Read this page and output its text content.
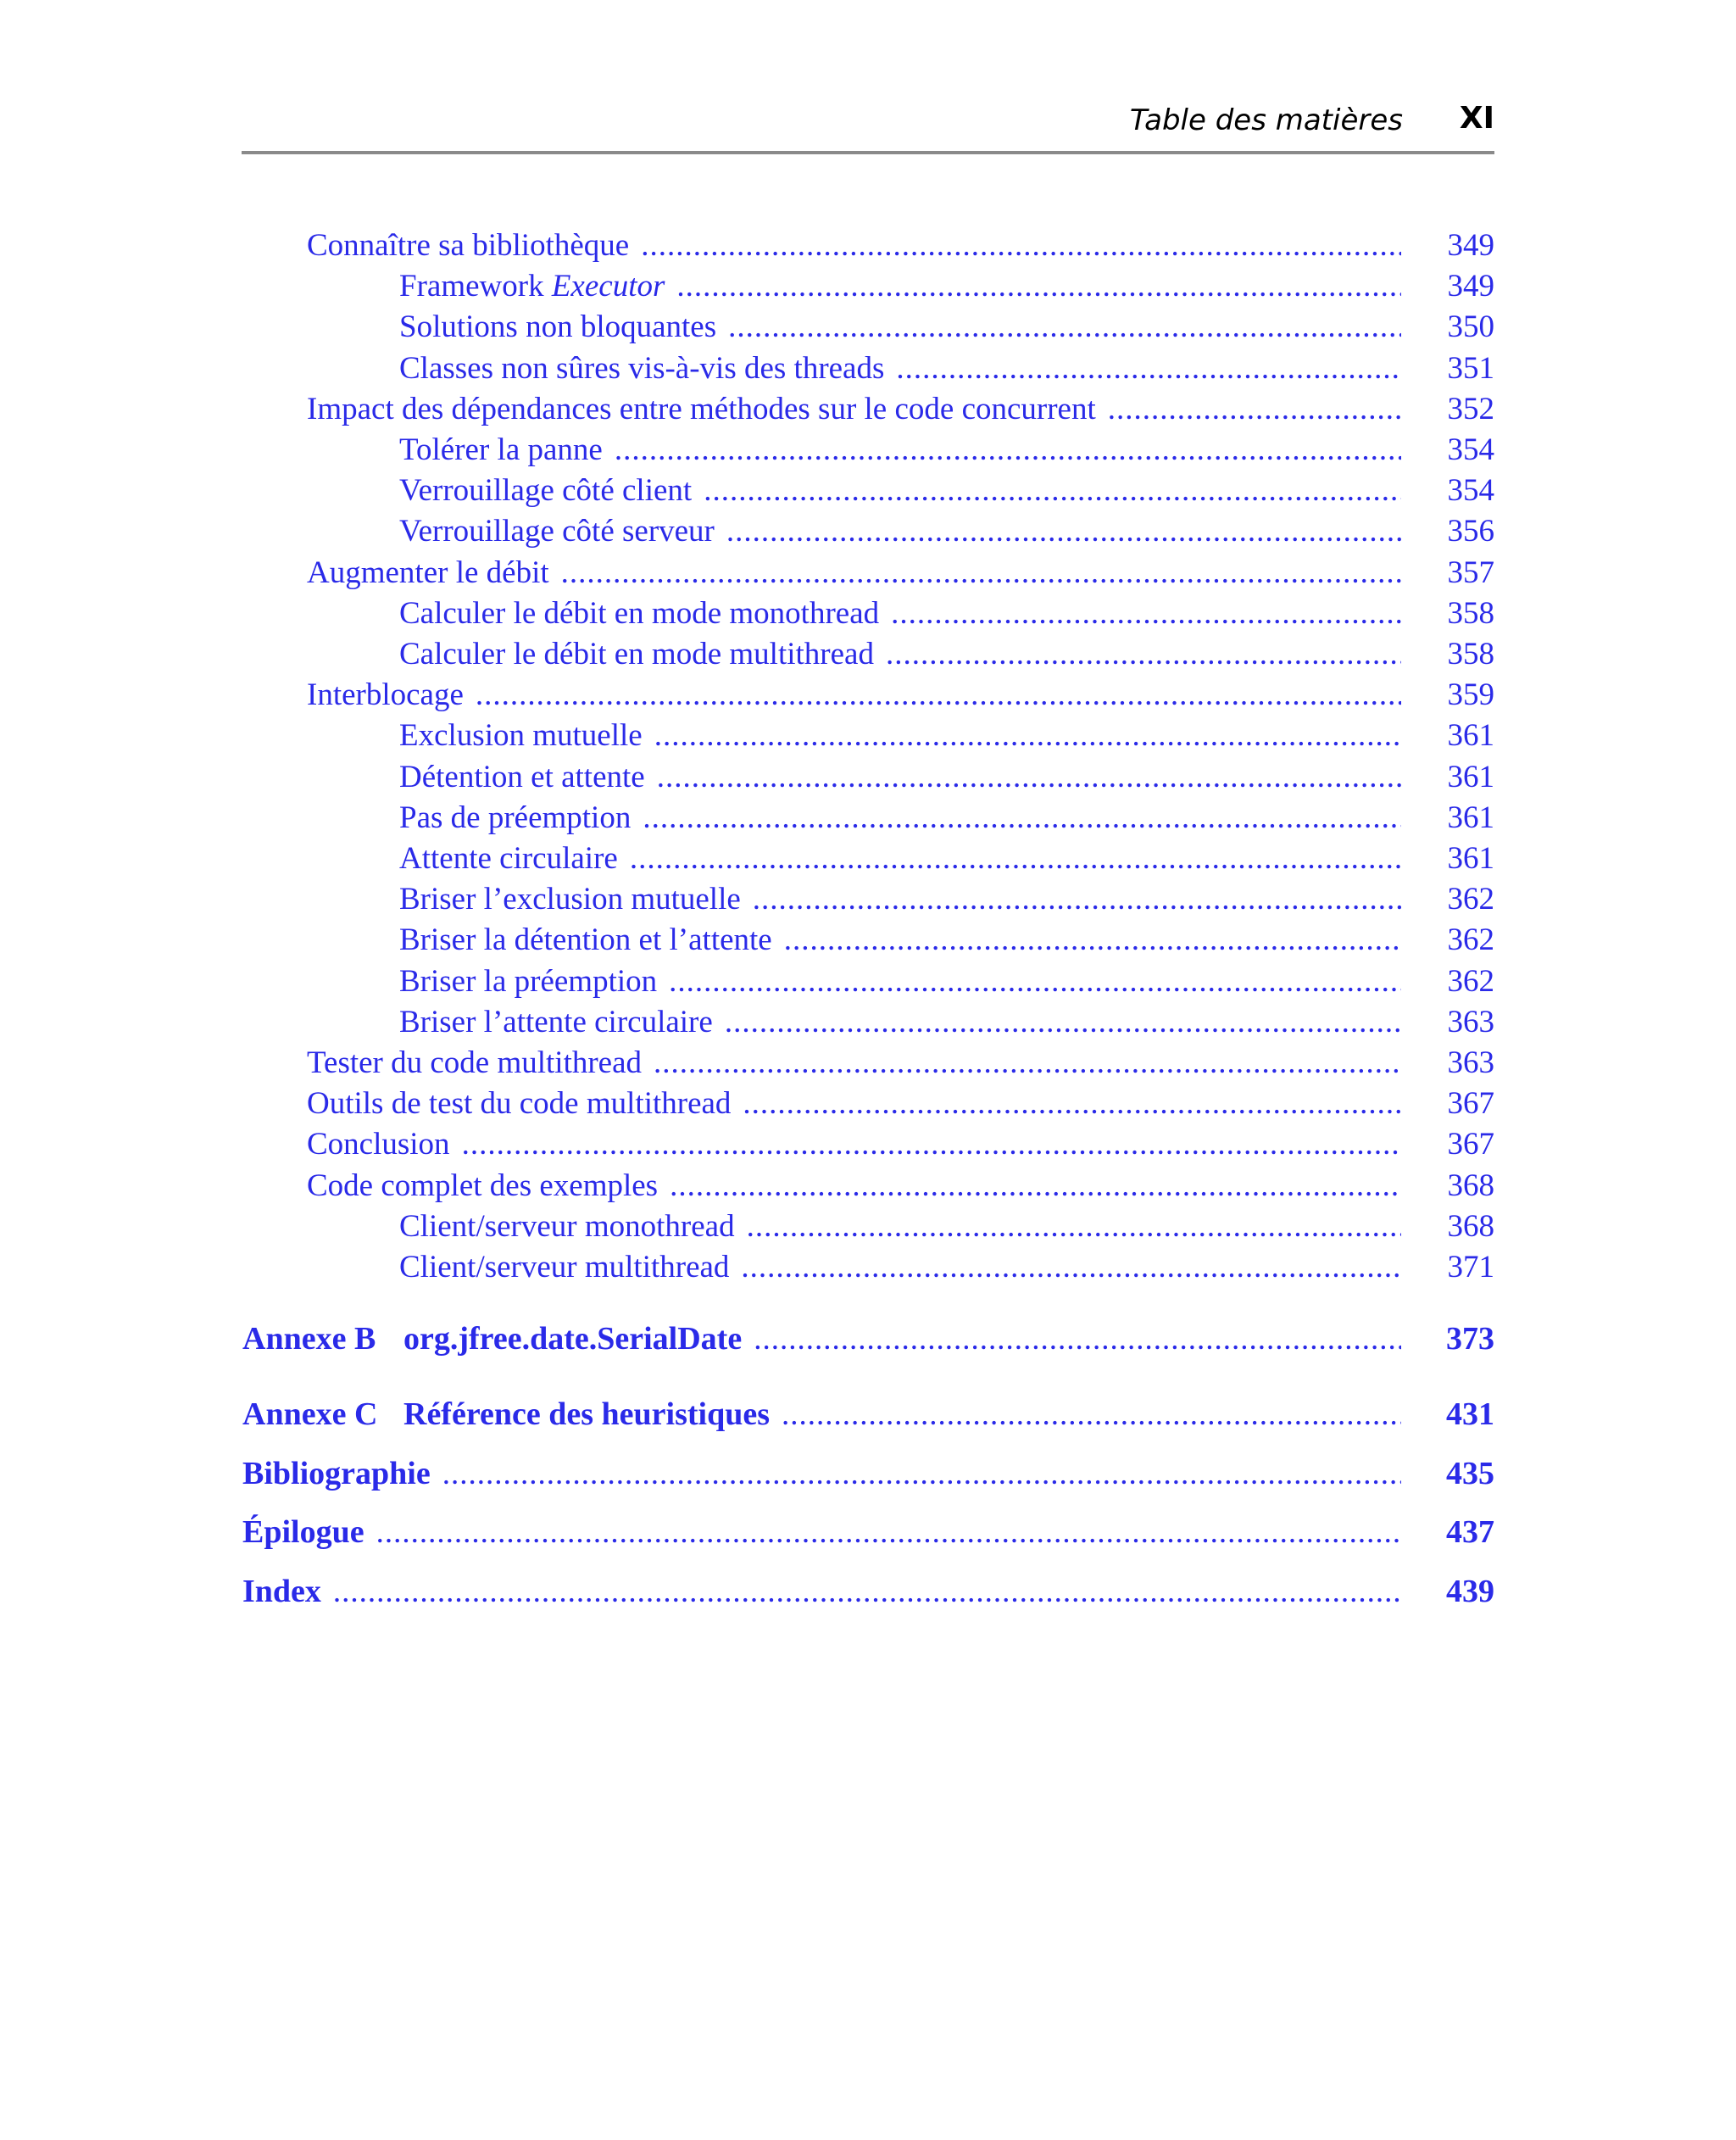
Table des matières XI
Connaître sa bibliothèque .....	349
Framework Executor .....	349
Solutions non bloquantes .....	350
Classes non sûres vis-à-vis des threads .....	351
Impact des dépendances entre méthodes sur le code concurrent .....	352
Tolérer la panne .....	354
Verrouillage côté client .....	354
Verrouillage côté serveur .....	356
Augmenter le débit .....	357
Calculer le débit en mode monothread .....	358
Calculer le débit en mode multithread .....	358
Interblocage .....	359
Exclusion mutuelle .....	361
Détention et attente .....	361
Pas de préemption .....	361
Attente circulaire .....	361
Briser l’exclusion mutuelle .....	362
Briser la détention et l’attente .....	362
Briser la préemption .....	362
Briser l’attente circulaire .....	363
Tester du code multithread .....	363
Outils de test du code multithread .....	367
Conclusion .....	367
Code complet des exemples .....	368
Client/serveur monothread .....	368
Client/serveur multithread .....	371
Annexe B org.jfree.date.SerialDate .....	373
Annexe C Référence des heuristiques .....	431
Bibliographie .....	435
Épilogue .....	437
Index .....	439
